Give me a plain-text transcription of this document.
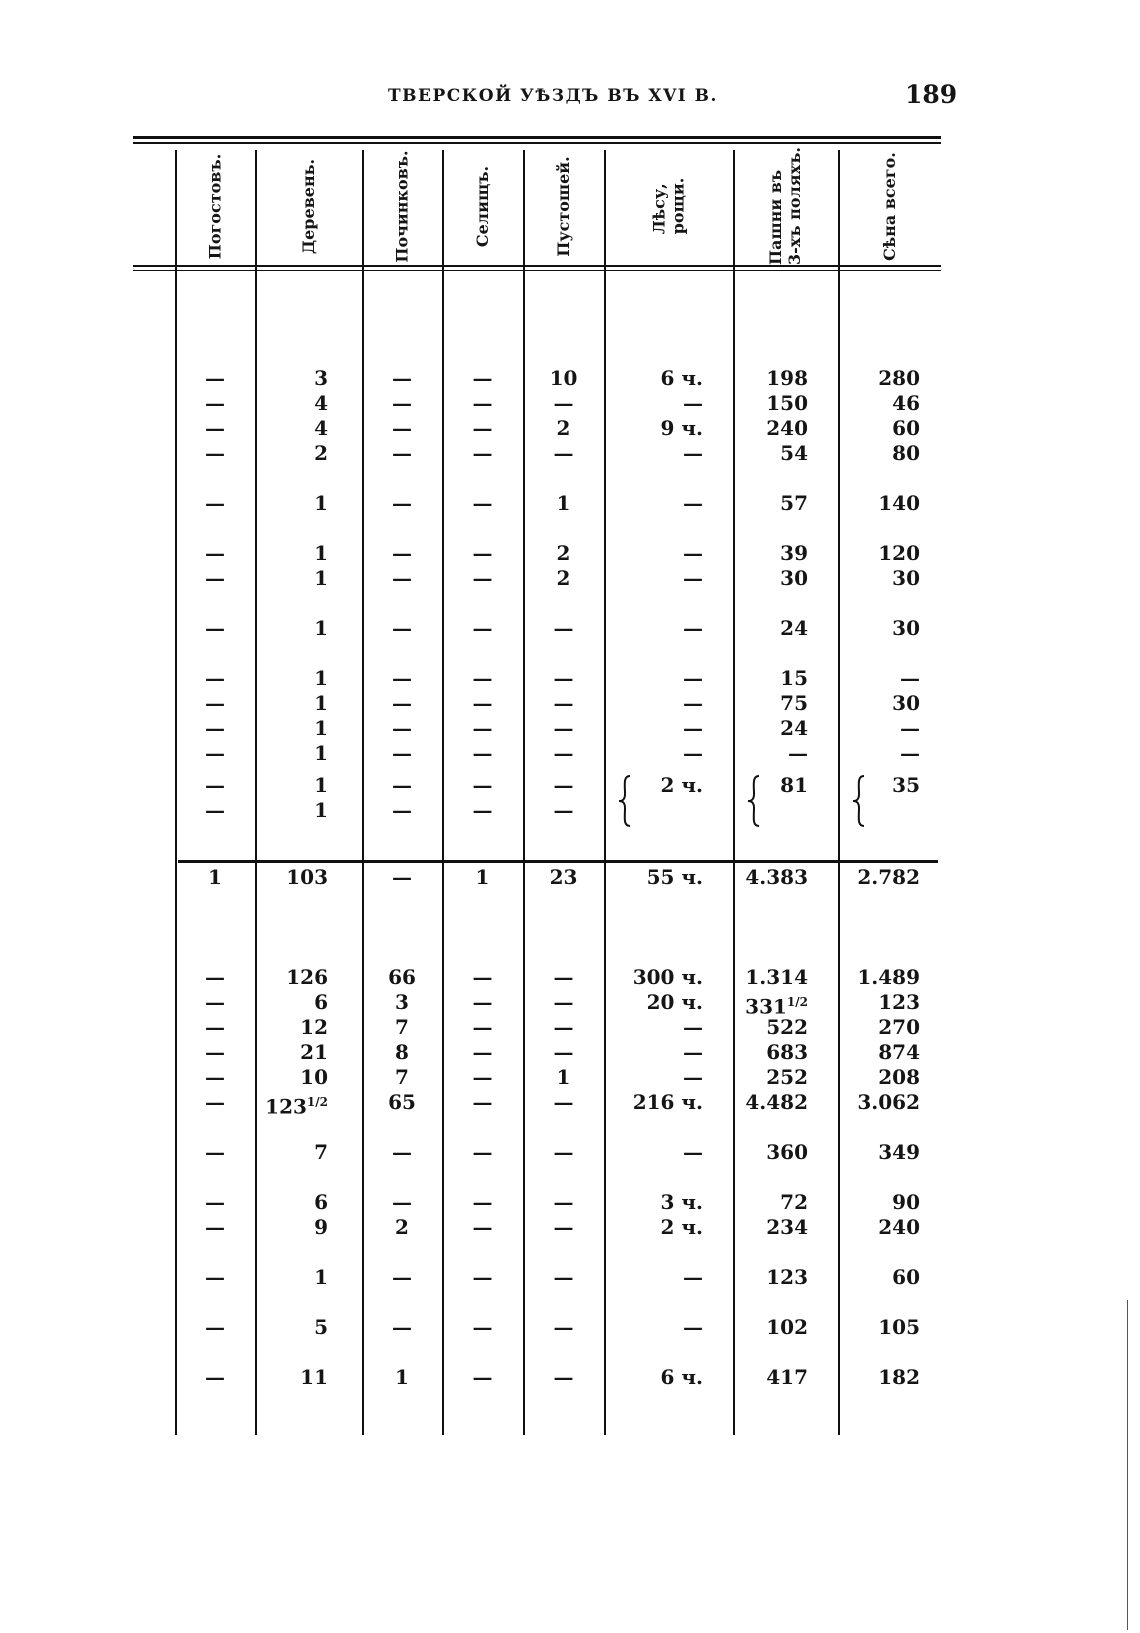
ТВЕРСКОЙ УѢЗДЪ ВЪ XVI В.	189
Погостовъ.	Деревень.	Починковъ.	Селищъ.	Пустошей.	Лѣсу,
рощи.	Пашни въ
3-хъ поляхъ.	Сѣна всего.
—	3	—	—	10	6 ч.	198	280
—	4	—	—	—	—	150	46
—	4	—	—	2	9 ч.	240	60
—	2	—	—	—	—	54	80
—	1	—	—	1	—	57	140
—	1	—	—	2	—	39	120
—	1	—	—	2	—	30	30
—	1	—	—	—	—	24	30
—	1	—	—	—	—	15	—
—	1	—	—	—	—	75	30
—	1	—	—	—	—	24	—
—	1	—	—	—	—	—	—
—	1	—	—	—	2 ч.	81	35
—	1	—	—	—
1	103	—	1	23	55 ч.	4.383	2.782
—	126	66	—	—	300 ч.	1.314	1.489
—	6	3	—	—	20 ч.	$331^{1/2}$	123
—	12	7	—	—	—	522	270
—	21	8	—	—	—	683	874
—	10	7	—	1	—	252	208
—	$123^{1/2}$	65	—	—	216 ч.	4.482	3.062
—	7	—	—	—	—	360	349
—	6	—	—	—	3 ч.	72	90
—	9	2	—	—	2 ч.	234	240
—	1	—	—	—	—	123	60
—	5	—	—	—	—	102	105
—	11	1	—	—	6 ч.	417	182
